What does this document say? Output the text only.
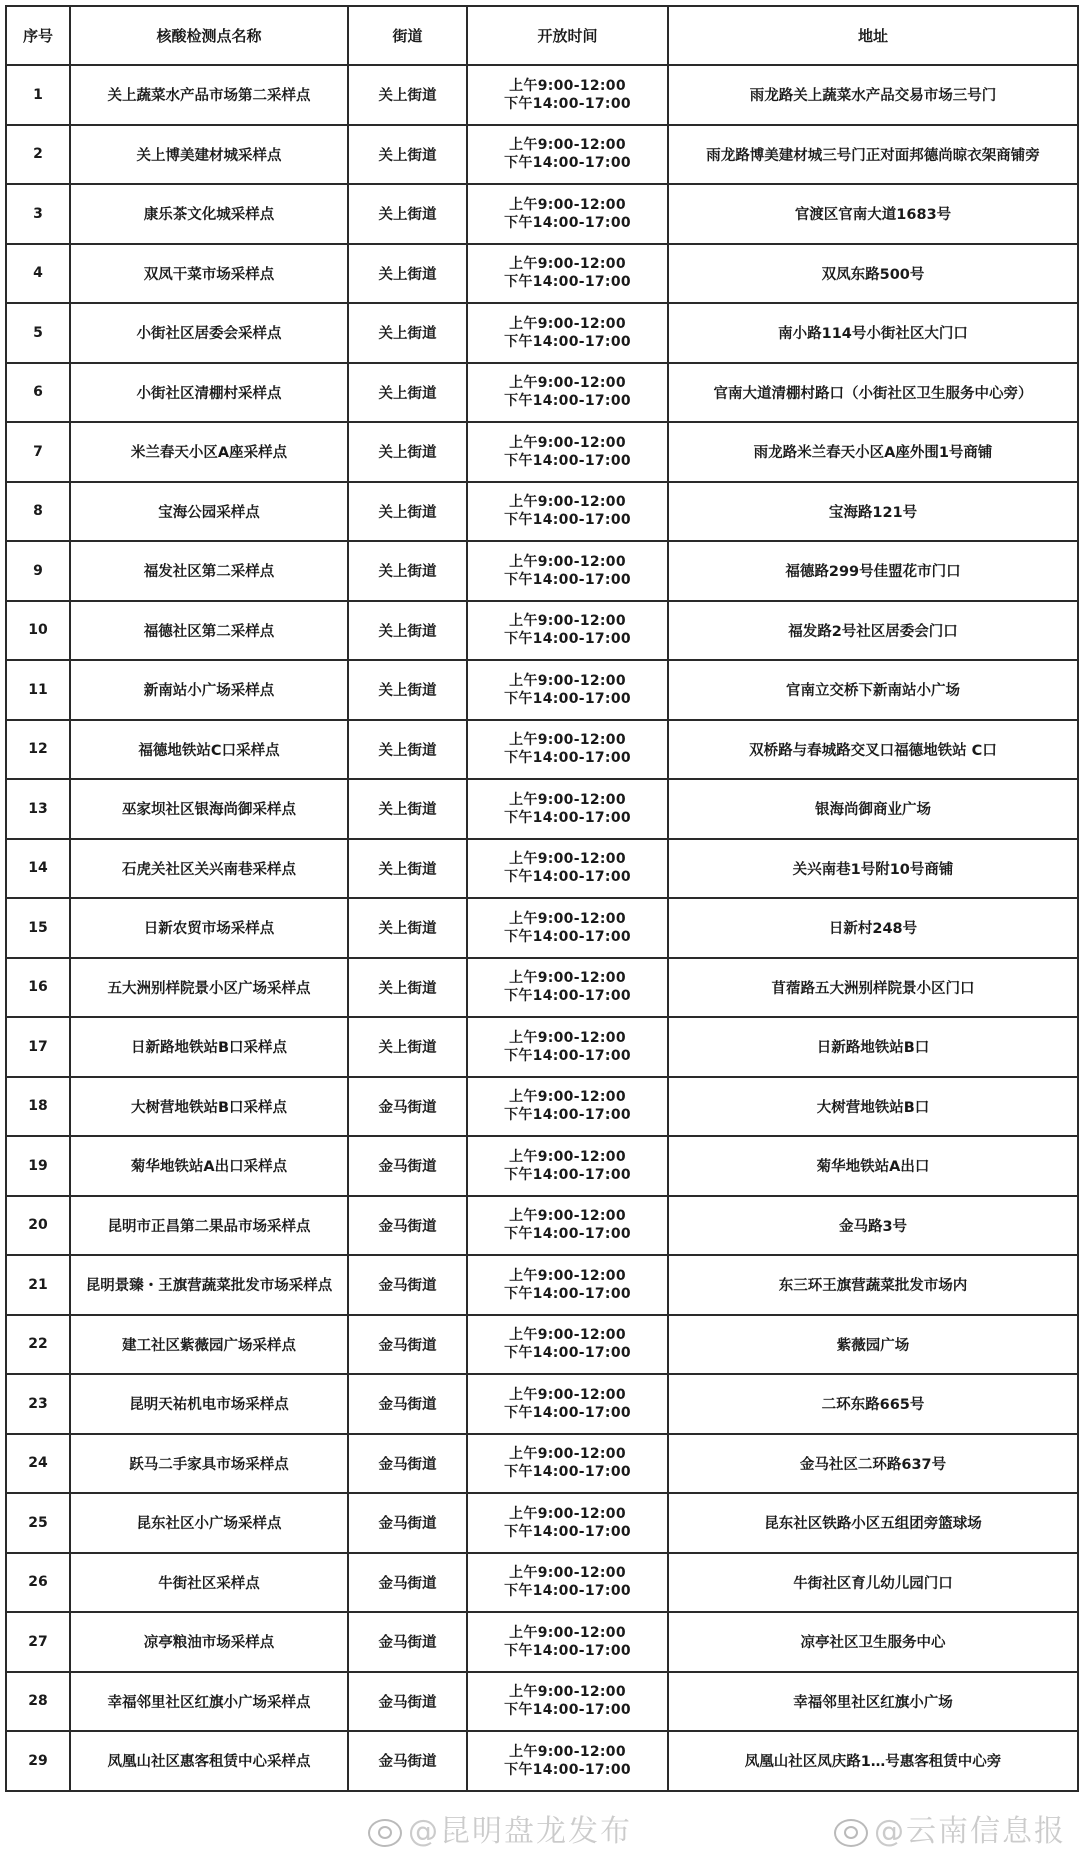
序号	核酸检测点名称	街道	开放时间	地址
1	关上蔬菜水产品市场第二采样点	关上街道	上午9:00-12:00
下午14:00-17:00	雨龙路关上蔬菜水产品交易市场三号门
2	关上博美建材城采样点	关上街道	上午9:00-12:00
下午14:00-17:00	雨龙路博美建材城三号门正对面邦德尚晾衣架商铺旁
3	康乐茶文化城采样点	关上街道	上午9:00-12:00
下午14:00-17:00	官渡区官南大道1683号
4	双凤干菜市场采样点	关上街道	上午9:00-12:00
下午14:00-17:00	双凤东路500号
5	小街社区居委会采样点	关上街道	上午9:00-12:00
下午14:00-17:00	南小路114号小街社区大门口
6	小街社区清棚村采样点	关上街道	上午9:00-12:00
下午14:00-17:00	官南大道清棚村路口（小街社区卫生服务中心旁）
7	米兰春天小区A座采样点	关上街道	上午9:00-12:00
下午14:00-17:00	雨龙路米兰春天小区A座外围1号商铺
8	宝海公园采样点	关上街道	上午9:00-12:00
下午14:00-17:00	宝海路121号
9	福发社区第二采样点	关上街道	上午9:00-12:00
下午14:00-17:00	福德路299号佳盟花市门口
10	福德社区第二采样点	关上街道	上午9:00-12:00
下午14:00-17:00	福发路2号社区居委会门口
11	新南站小广场采样点	关上街道	上午9:00-12:00
下午14:00-17:00	官南立交桥下新南站小广场
12	福德地铁站C口采样点	关上街道	上午9:00-12:00
下午14:00-17:00	双桥路与春城路交叉口福德地铁站 C口
13	巫家坝社区银海尚御采样点	关上街道	上午9:00-12:00
下午14:00-17:00	银海尚御商业广场
14	石虎关社区关兴南巷采样点	关上街道	上午9:00-12:00
下午14:00-17:00	关兴南巷1号附10号商铺
15	日新农贸市场采样点	关上街道	上午9:00-12:00
下午14:00-17:00	日新村248号
16	五大洲别样院景小区广场采样点	关上街道	上午9:00-12:00
下午14:00-17:00	苜蓿路五大洲别样院景小区门口
17	日新路地铁站B口采样点	关上街道	上午9:00-12:00
下午14:00-17:00	日新路地铁站B口
18	大树营地铁站B口采样点	金马街道	上午9:00-12:00
下午14:00-17:00	大树营地铁站B口
19	菊华地铁站A出口采样点	金马街道	上午9:00-12:00
下午14:00-17:00	菊华地铁站A出口
20	昆明市正昌第二果品市场采样点	金马街道	上午9:00-12:00
下午14:00-17:00	金马路3号
21	昆明景臻・王旗营蔬菜批发市场采样点	金马街道	上午9:00-12:00
下午14:00-17:00	东三环王旗营蔬菜批发市场内
22	建工社区紫薇园广场采样点	金马街道	上午9:00-12:00
下午14:00-17:00	紫薇园广场
23	昆明天祐机电市场采样点	金马街道	上午9:00-12:00
下午14:00-17:00	二环东路665号
24	跃马二手家具市场采样点	金马街道	上午9:00-12:00
下午14:00-17:00	金马社区二环路637号
25	昆东社区小广场采样点	金马街道	上午9:00-12:00
下午14:00-17:00	昆东社区铁路小区五组团旁篮球场
26	牛街社区采样点	金马街道	上午9:00-12:00
下午14:00-17:00	牛街社区育儿幼儿园门口
27	凉亭粮油市场采样点	金马街道	上午9:00-12:00
下午14:00-17:00	凉亭社区卫生服务中心
28	幸福邻里社区红旗小广场采样点	金马街道	上午9:00-12:00
下午14:00-17:00	幸福邻里社区红旗小广场
29	凤凰山社区惠客租赁中心采样点	金马街道	上午9:00-12:00
下午14:00-17:00	凤凰山社区凤庆路1…号惠客租赁中心旁
@昆明盘龙发布	@云南信息报
